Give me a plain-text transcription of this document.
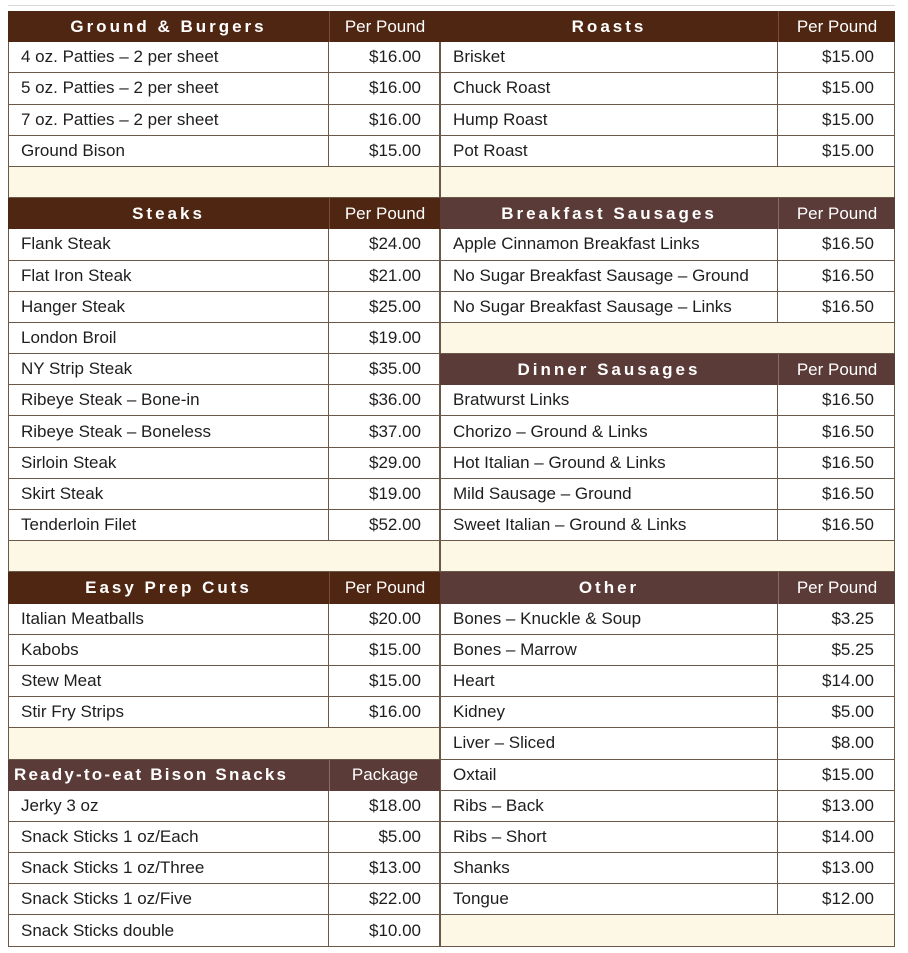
Ground & Burgers	Per Pound
4 oz. Patties – 2 per sheet	$16.00
5 oz. Patties – 2 per sheet	$16.00
7 oz. Patties – 2 per sheet	$16.00
Ground Bison	$15.00
Steaks	Per Pound
Flank Steak	$24.00
Flat Iron Steak	$21.00
Hanger Steak	$25.00
London Broil	$19.00
NY Strip Steak	$35.00
Ribeye Steak – Bone-in	$36.00
Ribeye Steak – Boneless	$37.00
Sirloin Steak	$29.00
Skirt Steak	$19.00
Tenderloin Filet	$52.00
Easy Prep Cuts	Per Pound
Italian Meatballs	$20.00
Kabobs	$15.00
Stew Meat	$15.00
Stir Fry Strips	$16.00
Ready-to-eat Bison Snacks	Package
Jerky 3 oz	$18.00
Snack Sticks 1 oz/Each	$5.00
Snack Sticks 1 oz/Three	$13.00
Snack Sticks 1 oz/Five	$22.00
Snack Sticks double	$10.00
Roasts	Per Pound
Brisket	$15.00
Chuck Roast	$15.00
Hump Roast	$15.00
Pot Roast	$15.00
Breakfast Sausages	Per Pound
Apple Cinnamon Breakfast Links	$16.50
No Sugar Breakfast Sausage – Ground	$16.50
No Sugar Breakfast Sausage – Links	$16.50
Dinner Sausages	Per Pound
Bratwurst Links	$16.50
Chorizo – Ground & Links	$16.50
Hot Italian – Ground & Links	$16.50
Mild Sausage – Ground	$16.50
Sweet Italian – Ground & Links	$16.50
Other	Per Pound
Bones – Knuckle & Soup	$3.25
Bones – Marrow	$5.25
Heart	$14.00
Kidney	$5.00
Liver – Sliced	$8.00
Oxtail	$15.00
Ribs – Back	$13.00
Ribs – Short	$14.00
Shanks	$13.00
Tongue	$12.00
